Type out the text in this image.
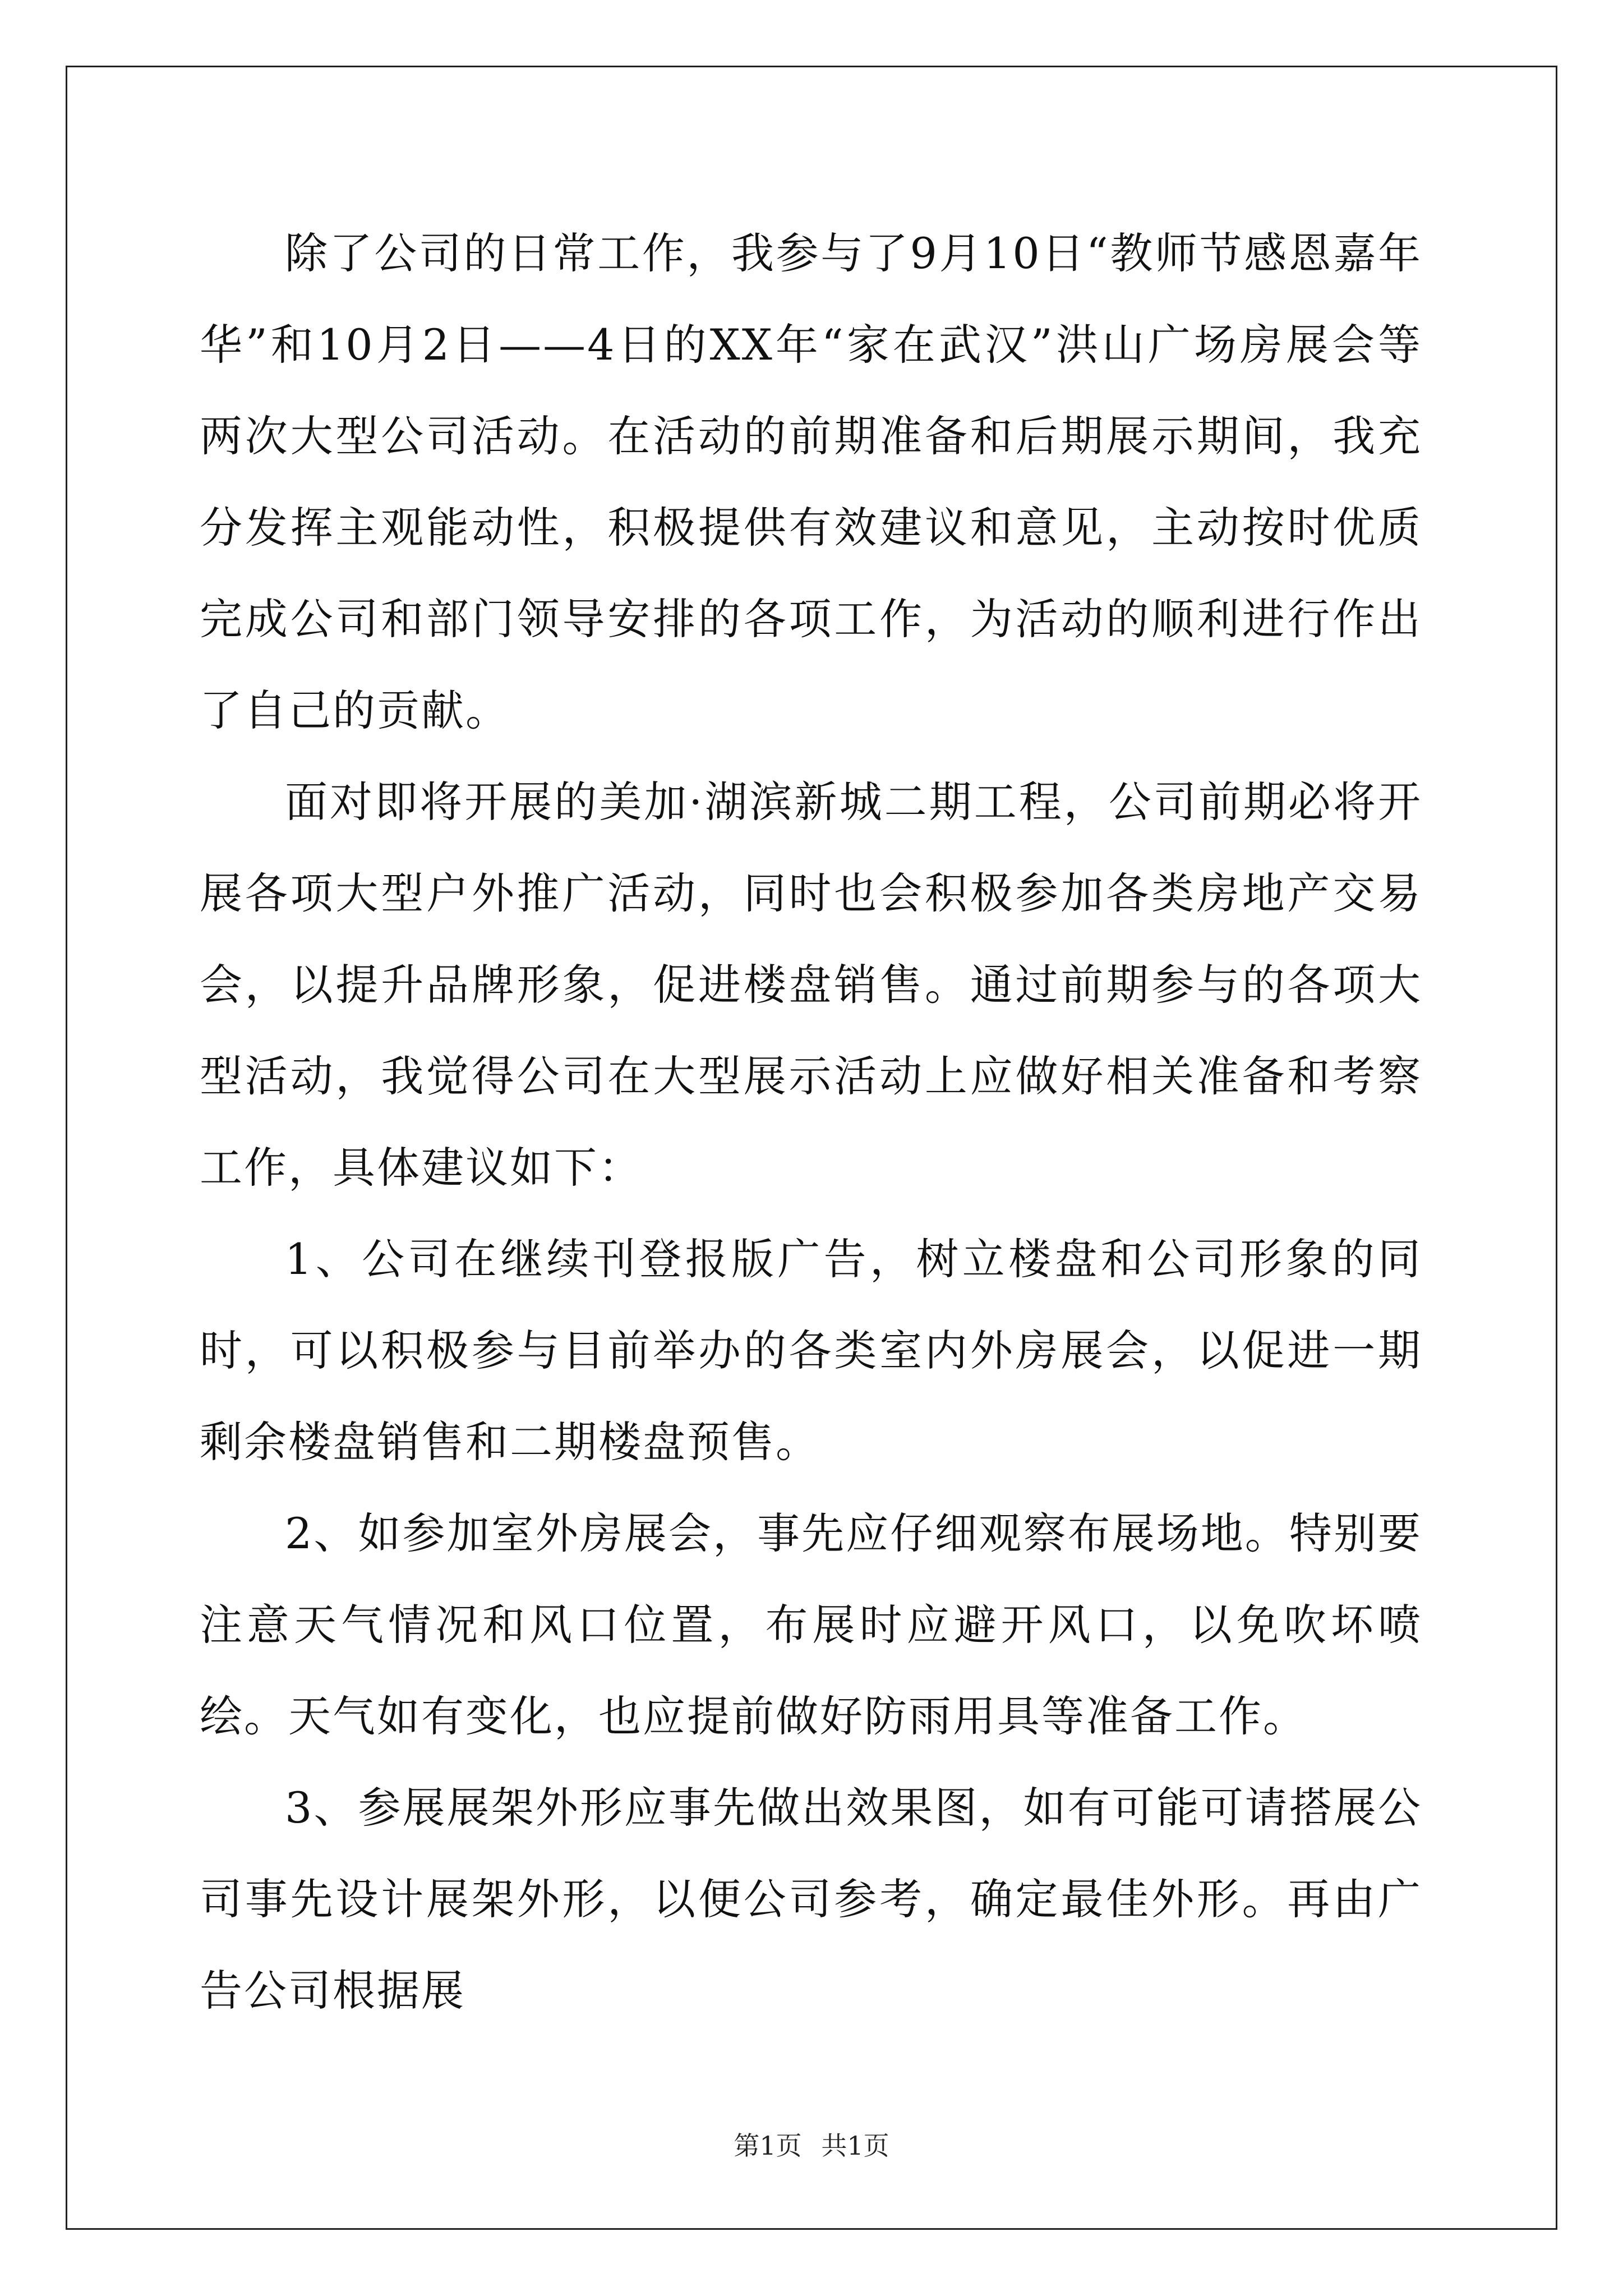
除了公司的日常工作，我参与了9月10日“教师节感恩嘉年华”和10月2日——4日的XX年“家在武汉”洪山广场房展会等两次大型公司活动。在活动的前期准备和后期展示期间，我充分发挥主观能动性，积极提供有效建议和意见，主动按时优质完成公司和部门领导安排的各项工作，为活动的顺利进行作出了自己的贡献。

面对即将开展的美加·湖滨新城二期工程，公司前期必将开展各项大型户外推广活动，同时也会积极参加各类房地产交易会，以提升品牌形象，促进楼盘销售。通过前期参与的各项大型活动，我觉得公司在大型展示活动上应做好相关准备和考察工作，具体建议如下：

1、公司在继续刊登报版广告，树立楼盘和公司形象的同时，可以积极参与目前举办的各类室内外房展会，以促进一期剩余楼盘销售和二期楼盘预售。

2、如参加室外房展会，事先应仔细观察布展场地。特别要注意天气情况和风口位置，布展时应避开风口，以免吹坏喷绘。天气如有变化，也应提前做好防雨用具等准备工作。

3、参展展架外形应事先做出效果图，如有可能可请搭展公司事先设计展架外形，以便公司参考，确定最佳外形。再由广告公司根据展

第1页 共1页
